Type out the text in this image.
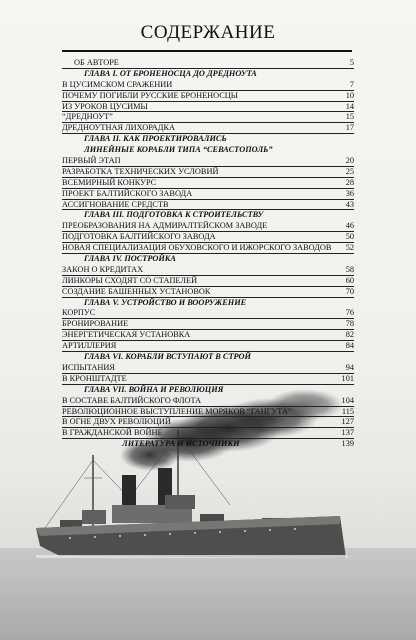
СОДЕРЖАНИЕ
ОБ АВТОРЕ	5
ГЛАВА I. ОТ БРОНЕНОСЦА ДО ДРЕДНОУТА
В ЦУСИМСКОМ СРАЖЕНИИ	7
ПОЧЕМУ ПОГИБЛИ РУССКИЕ БРОНЕНОСЦЫ	10
ИЗ УРОКОВ ЦУСИМЫ	14
“ДРЕДНОУТ”	15
ДРЕДНОУТНАЯ ЛИХОРАДКА	17
ГЛАВА II. КАК ПРОЕКТИРОВАЛИСЬ
ЛИНЕЙНЫЕ КОРАБЛИ ТИПА “СЕВАСТОПОЛЬ”
ПЕРВЫЙ ЭТАП	20
РАЗРАБОТКА ТЕХНИЧЕСКИХ УСЛОВИЙ	25
ВСЕМИРНЫЙ КОНКУРС	28
ПРОЕКТ БАЛТИЙСКОГО ЗАВОДА	36
АССИГНОВАНИЕ СРЕДСТВ	43
ГЛАВА III. ПОДГОТОВКА К СТРОИТЕЛЬСТВУ
ПРЕОБРАЗОВАНИЯ НА АДМИРАЛТЕЙСКОМ ЗАВОДЕ	46
ПОДГОТОВКА БАЛТИЙСКОГО ЗАВОДА	50
НОВАЯ СПЕЦИАЛИЗАЦИЯ ОБУХОВСКОГО И ИЖОРСКОГО ЗАВОДОВ 52
ГЛАВА IV. ПОСТРОЙКА
ЗАКОН О КРЕДИТАХ	58
ЛИНКОРЫ СХОДЯТ СО СТАПЕЛЕЙ	60
СОЗДАНИЕ БАШЕННЫХ УСТАНОВОК	70
ГЛАВА V. УСТРОЙСТВО И ВООРУЖЕНИЕ
КОРПУС	76
БРОНИРОВАНИЕ	78
ЭНЕРГЕТИЧЕСКАЯ УСТАНОВКА	82
АРТИЛЛЕРИЯ	84
ГЛАВА VI. КОРАБЛИ ВСТУПАЮТ В СТРОЙ
ИСПЫТАНИЯ	94
В КРОНШТАДТЕ	101
ГЛАВА VII. ВОЙНА И РЕВОЛЮЦИЯ
В СОСТАВЕ БАЛТИЙСКОГО ФЛОТА	104
РЕВОЛЮЦИОННОЕ ВЫСТУПЛЕНИЕ МОРЯКОВ “ГАНГУТА”	115
В ОГНЕ ДВУХ РЕВОЛЮЦИЙ	127
В ГРАЖДАНСКОЙ ВОЙНЕ	137
ЛИТЕРАТУРА И ИСТОЧНИКИ	139
